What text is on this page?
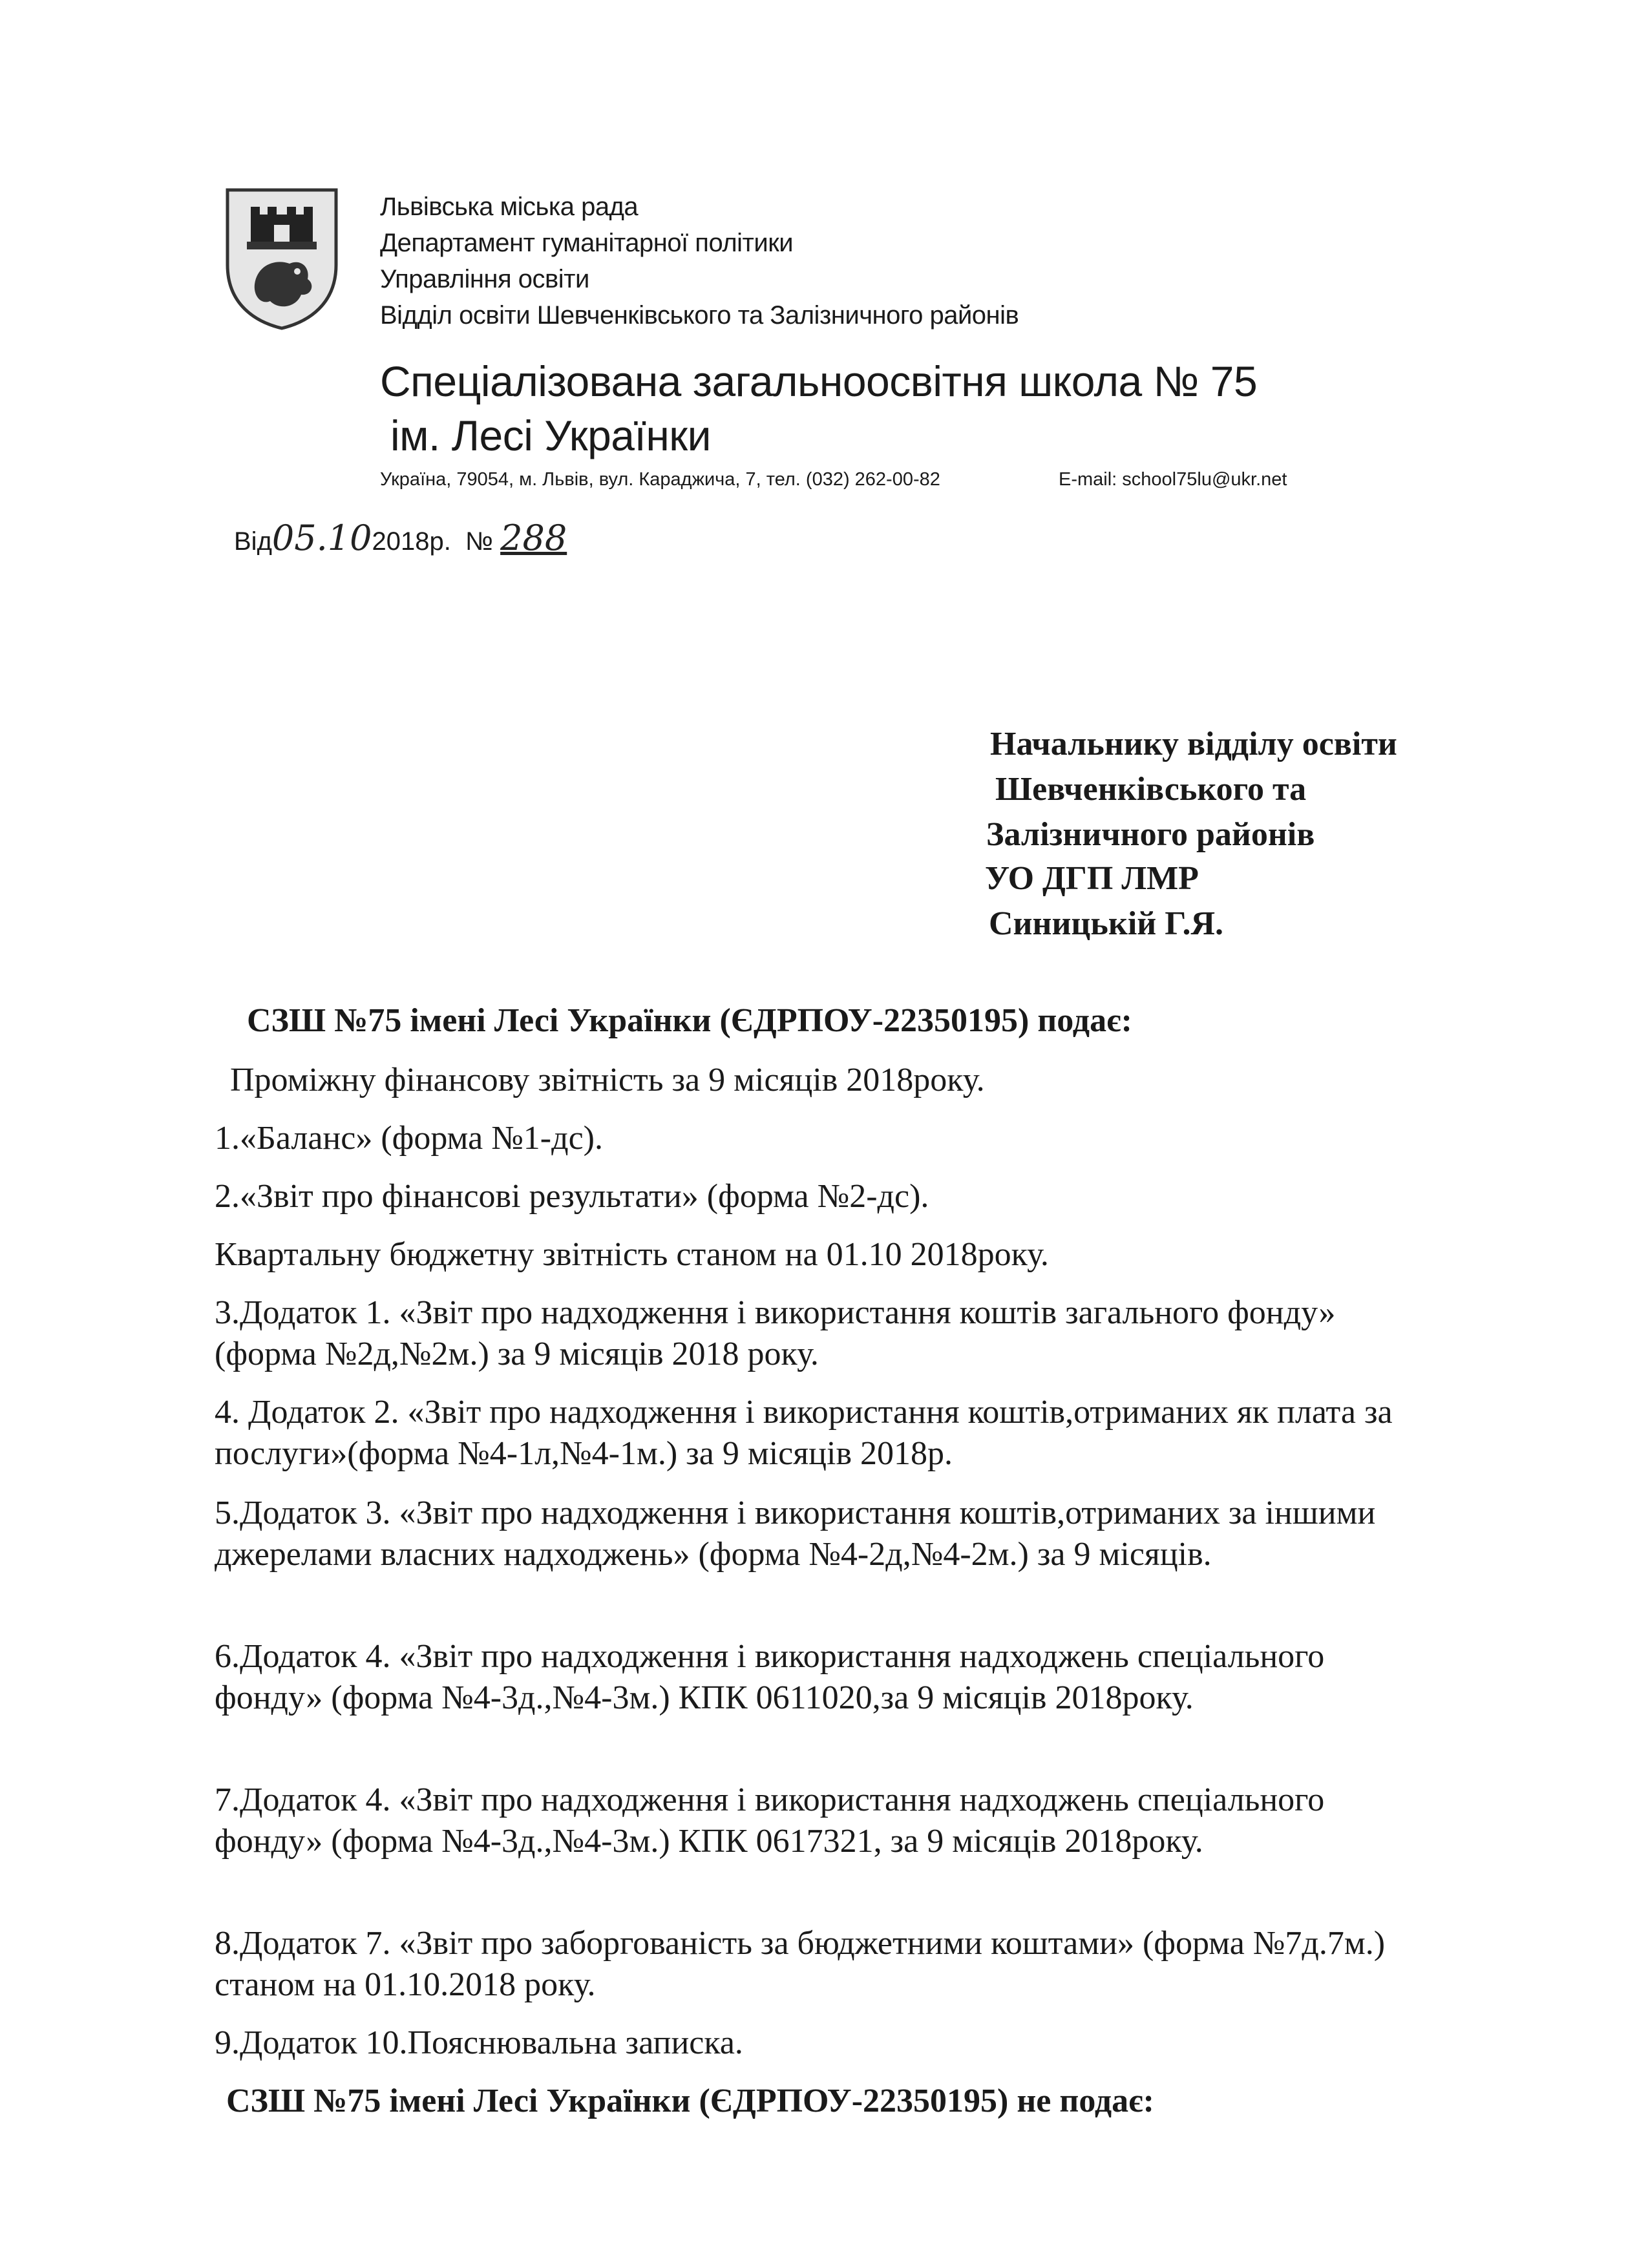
Львівська міська рада
Департамент гуманітарної політики
Управління освіти
Відділ освіти Шевченківського та Залізничного районів
Спеціалізована загальноосвітня школа № 75
ім. Лесі Українки
Україна, 79054, м. Львів, вул. Караджича, 7, тел. (032) 262-00-82	E-mail: school75lu@ukr.net
Від05.102018р. № 288
Начальнику відділу освіти
Шевченківського та
Залізничного районів
УО ДГП ЛМР
Синицькій Г.Я.
СЗШ №75 імені Лесі Українки (ЄДРПОУ-22350195) подає:

Проміжну фінансову звітність за 9 місяців 2018року.

1.«Баланс» (форма №1-дс).

2.«Звіт про фінансові результати» (форма №2-дс).

Квартальну бюджетну звітність станом на 01.10 2018року.

3.Додаток 1. «Звіт про надходження і використання коштів загального фонду» (форма №2д,№2м.) за 9 місяців 2018 року.

4. Додаток 2. «Звіт про надходження і використання коштів,отриманих як плата за послуги»(форма №4-1л,№4-1м.) за 9 місяців 2018р.

5.Додаток 3. «Звіт про надходження і використання коштів,отриманих за іншими джерелами власних надходжень» (форма №4-2д,№4-2м.) за 9 місяців.

6.Додаток 4. «Звіт про надходження і використання надходжень спеціального фонду» (форма №4-3д.,№4-3м.) КПК 0611020,за 9 місяців 2018року.

7.Додаток 4. «Звіт про надходження і використання надходжень спеціального фонду» (форма №4-3д.,№4-3м.) КПК 0617321, за 9 місяців 2018року.

8.Додаток 7. «Звіт про заборгованість за бюджетними коштами» (форма №7д.7м.) станом на 01.10.2018 року.

9.Додаток 10.Пояснювальна записка.

СЗШ №75 імені Лесі Українки (ЄДРПОУ-22350195) не подає:
